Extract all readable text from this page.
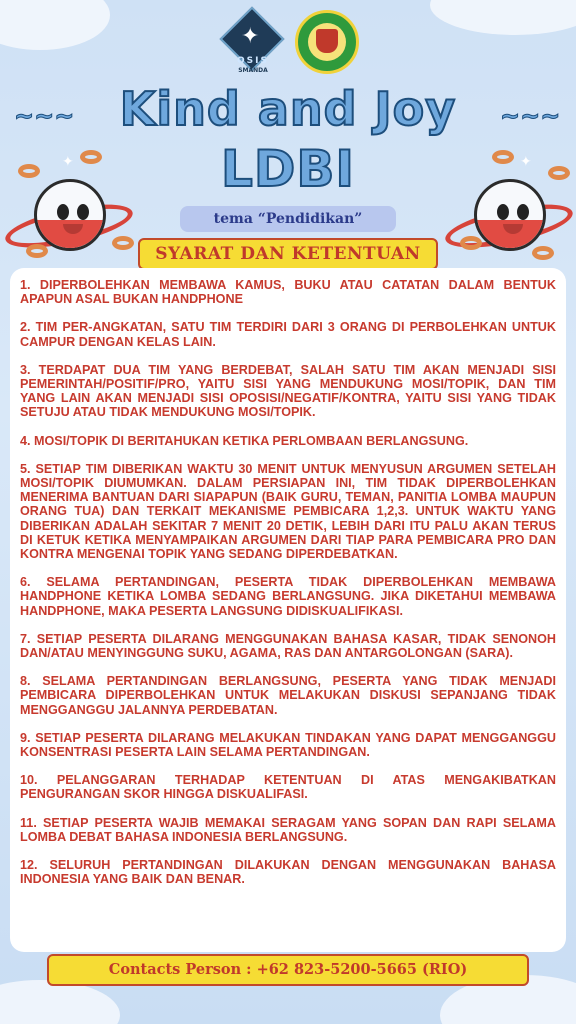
✦
OSIS
SMANDA
~~~	~~~
Kind and Joy
LDBI
✦	✦
tema “Pendidikan”
SYARAT DAN KETENTUAN

1. DIPERBOLEHKAN MEMBAWA KAMUS, BUKU ATAU CATATAN DALAM BENTUK APAPUN ASAL BUKAN HANDPHONE

2. TIM PER-ANGKATAN, SATU TIM TERDIRI DARI 3 ORANG DI PERBOLEHKAN UNTUK CAMPUR DENGAN KELAS LAIN.

3. TERDAPAT DUA TIM YANG BERDEBAT, SALAH SATU TIM AKAN MENJADI SISI PEMERINTAH/POSITIF/PRO, YAITU SISI YANG MENDUKUNG MOSI/TOPIK, DAN TIM YANG LAIN AKAN MENJADI SISI OPOSISI/NEGATIF/KONTRA, YAITU SISI YANG TIDAK SETUJU ATAU TIDAK MENDUKUNG MOSI/TOPIK.

4. MOSI/TOPIK DI BERITAHUKAN KETIKA PERLOMBAAN BERLANGSUNG.

5. SETIAP TIM DIBERIKAN WAKTU 30 MENIT UNTUK MENYUSUN ARGUMEN SETELAH MOSI/TOPIK DIUMUMKAN. DALAM PERSIAPAN INI, TIM TIDAK DIPERBOLEHKAN MENERIMA BANTUAN DARI SIAPAPUN (BAIK GURU, TEMAN, PANITIA LOMBA MAUPUN ORANG TUA) DAN TERKAIT MEKANISME PEMBICARA 1,2,3. UNTUK WAKTU YANG DIBERIKAN ADALAH SEKITAR 7 MENIT 20 DETIK, LEBIH DARI ITU PALU AKAN TERUS DI KETUK KETIKA MENYAMPAIKAN ARGUMEN DARI TIAP PARA PEMBICARA PRO DAN KONTRA MENGENAI TOPIK YANG SEDANG DIPERDEBATKAN.

6. SELAMA PERTANDINGAN, PESERTA TIDAK DIPERBOLEHKAN MEMBAWA HANDPHONE KETIKA LOMBA SEDANG BERLANGSUNG. JIKA DIKETAHUI MEMBAWA HANDPHONE, MAKA PESERTA LANGSUNG DIDISKUALIFIKASI.

7. SETIAP PESERTA DILARANG MENGGUNAKAN BAHASA KASAR, TIDAK SENONOH DAN/ATAU MENYINGGUNG SUKU, AGAMA, RAS DAN ANTARGOLONGAN (SARA).

8. SELAMA PERTANDINGAN BERLANGSUNG, PESERTA YANG TIDAK MENJADI PEMBICARA DIPERBOLEHKAN UNTUK MELAKUKAN DISKUSI SEPANJANG TIDAK MENGGANGGU JALANNYA PERDEBATAN.

9. SETIAP PESERTA DILARANG MELAKUKAN TINDAKAN YANG DAPAT MENGGANGGU KONSENTRASI PESERTA LAIN SELAMA PERTANDINGAN.

10. PELANGGARAN TERHADAP KETENTUAN DI ATAS MENGAKIBATKAN PENGURANGAN SKOR HINGGA DISKUALIFASI.

11. SETIAP PESERTA WAJIB MEMAKAI SERAGAM YANG SOPAN DAN RAPI SELAMA LOMBA DEBAT BAHASA INDONESIA BERLANGSUNG.

12. SELURUH PERTANDINGAN DILAKUKAN DENGAN MENGGUNAKAN BAHASA INDONESIA YANG BAIK DAN BENAR.

Contacts Person : +62 823-5200-5665 (RIO)
